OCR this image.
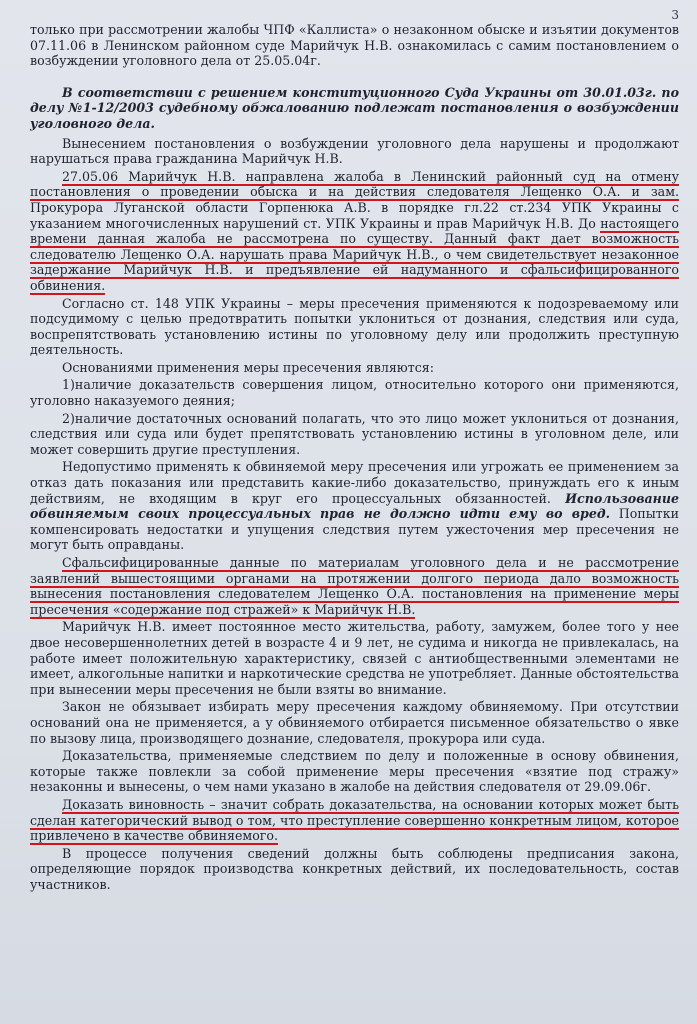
3

только при рассмотрении жалобы ЧПФ «Каллиста» о незаконном обыске и изъятии документов 07.11.06 в Ленинском районном суде Марийчук Н.В. ознакомилась с самим постановлением о возбуждении уголовного дела от 25.05.04г.

В соответствии с решением конституционного Суда Украины от 30.01.03г. по делу №1-12/2003 судебному обжалованию подлежат постановления о возбуждении уголовного дела.

Вынесением постановления о возбуждении уголовного дела нарушены и продолжают нарушаться права гражданина Марийчук Н.В.

27.05.06 Марийчук Н.В. направлена жалоба в Ленинский районный суд на отмену постановления о проведении обыска и на действия следователя Лещенко О.А. и зам. Прокурора Луганской области Горпенюка А.В. в порядке гл.22 ст.234 УПК Украины с указанием многочисленных нарушений ст. УПК Украины и прав Марийчук Н.В. До настоящего времени данная жалоба не рассмотрена по существу. Данный факт дает возможность следователю Лещенко О.А. нарушать права Марийчук Н.В., о чем свидетельствует незаконное задержание Марийчук Н.В. и предъявление ей надуманного и сфальсифицированного обвинения.

Согласно ст. 148 УПК Украины – меры пресечения применяются к подозреваемому или подсудимому с целью предотвратить попытки уклониться от дознания, следствия или суда, воспрепятствовать установлению истины по уголовному делу или продолжить преступную деятельность.

Основаниями применения меры пресечения являются:

1)наличие доказательств совершения лицом, относительно которого они применяются, уголовно наказуемого деяния;

2)наличие достаточных оснований полагать, что это лицо может уклониться от дознания, следствия или суда или будет препятствовать установлению истины в уголовном деле, или может совершить другие преступления.

Недопустимо применять к обвиняемой меру пресечения или угрожать ее применением за отказ дать показания или представить какие-либо доказательство, принуждать его к иным действиям, не входящим в круг его процессуальных обязанностей. Использование обвиняемым своих процессуальных прав не должно идти ему во вред. Попытки компенсировать недостатки и упущения следствия путем ужесточения мер пресечения не могут быть оправданы.

Сфальсифицированные данные по материалам уголовного дела и не рассмотрение заявлений вышестоящими органами на протяжении долгого периода дало возможность вынесения постановления следователем Лещенко О.А. постановления на применение меры пресечения «содержание под стражей» к Марийчук Н.В.

Марийчук Н.В. имеет постоянное место жительства, работу, замужем, более того у нее двое несовершеннолетних детей в возрасте 4 и 9 лет, не судима и никогда не привлекалась, на работе имеет положительную характеристику, связей с антиобщественными элементами не имеет, алкогольные напитки и наркотические средства не употребляет. Данные обстоятельства при вынесении меры пресечения не были взяты во внимание.

Закон не обязывает избирать меру пресечения каждому обвиняемому. При отсутствии оснований она не применяется, а у обвиняемого отбирается письменное обязательство о явке по вызову лица, производящего дознание, следователя, прокурора или суда.

Доказательства, применяемые следствием по делу и положенные в основу обвинения, которые также повлекли за собой применение меры пресечения «взятие под стражу» незаконны и вынесены, о чем нами указано в жалобе на действия следователя от 29.09.06г.

Доказать виновность – значит собрать доказательства, на основании которых может быть сделан категорический вывод о том, что преступление совершенно конкретным лицом, которое привлечено в качестве обвиняемого.

В процессе получения сведений должны быть соблюдены предписания закона, определяющие порядок производства конкретных действий, их последовательность, состав участников.
